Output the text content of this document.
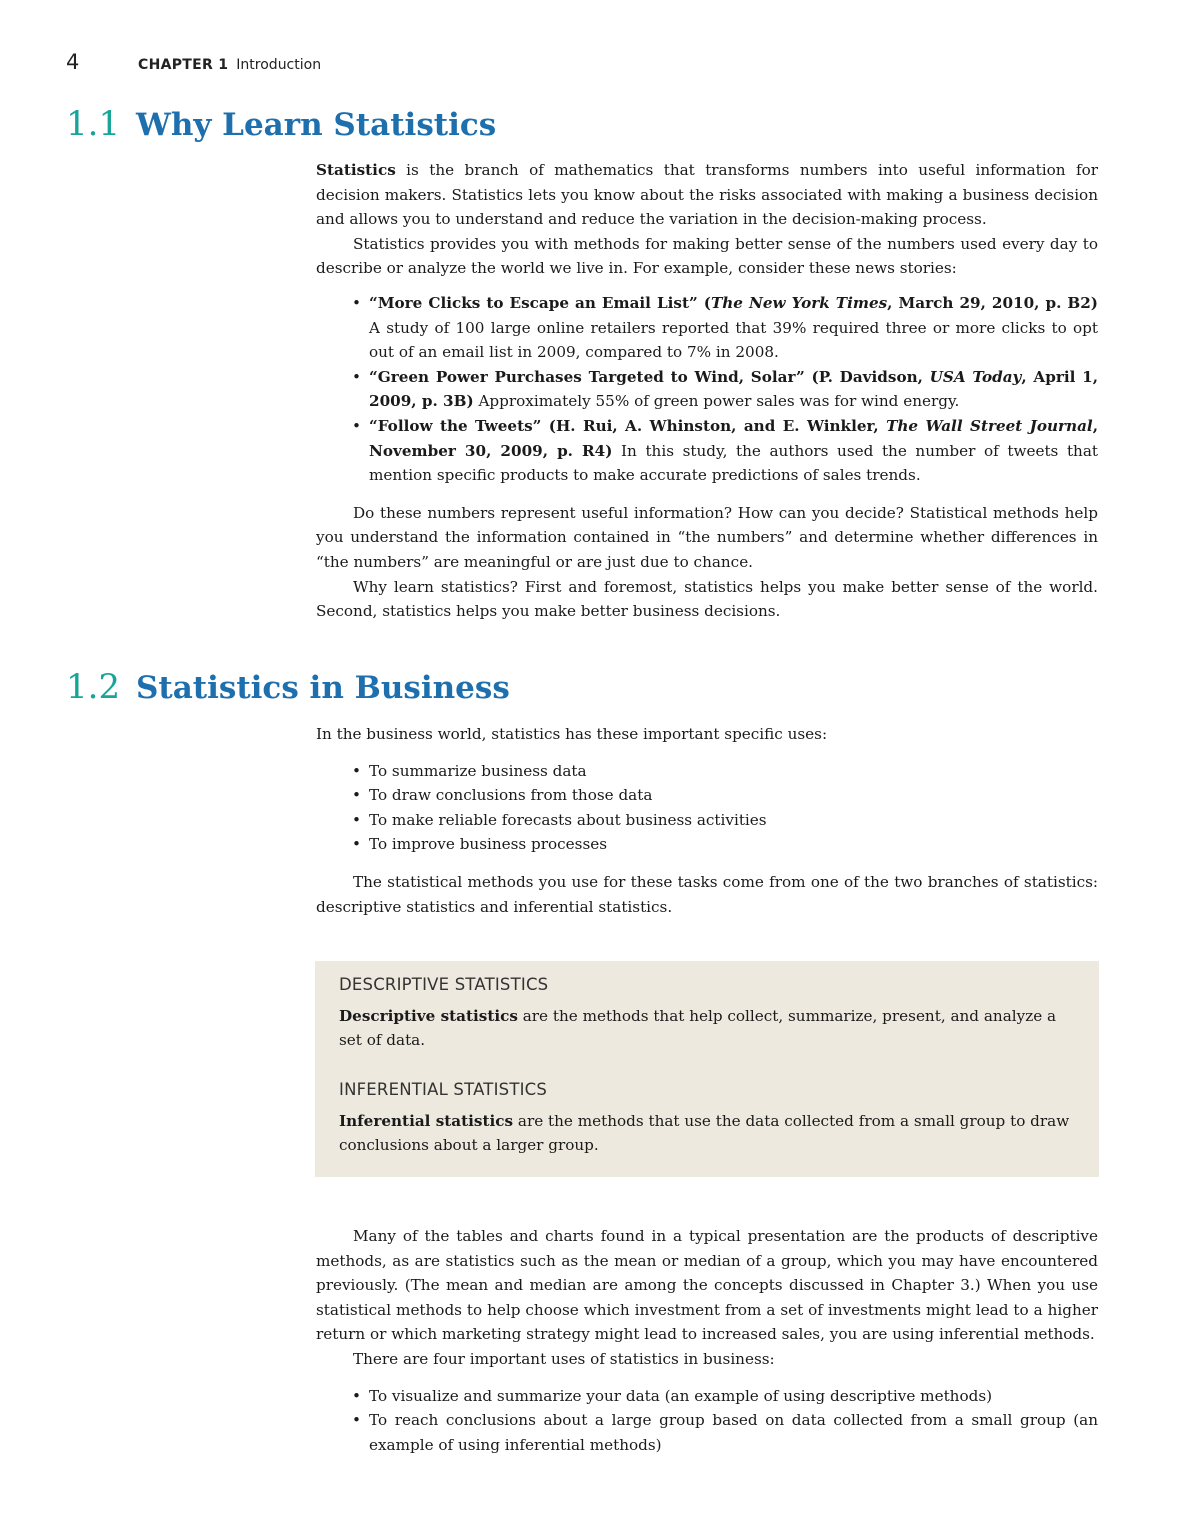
4	CHAPTER 1 Introduction
1.1 Why Learn Statistics

Statistics is the branch of mathematics that transforms numbers into useful information for decision makers. Statistics lets you know about the risks associated with making a business decision and allows you to understand and reduce the variation in the decision-making process.

Statistics provides you with methods for making better sense of the numbers used every day to describe or analyze the world we live in. For example, consider these news stories:

• “More Clicks to Escape an Email List” (The New York Times, March 29, 2010, p. B2) A study of 100 large online retailers reported that 39% required three or more clicks to opt out of an email list in 2009, compared to 7% in 2008.
• “Green Power Purchases Targeted to Wind, Solar” (P. Davidson, USA Today, April 1, 2009, p. 3B) Approximately 55% of green power sales was for wind energy.
• “Follow the Tweets” (H. Rui, A. Whinston, and E. Winkler, The Wall Street Journal, November 30, 2009, p. R4) In this study, the authors used the number of tweets that mention specific products to make accurate predictions of sales trends.

Do these numbers represent useful information? How can you decide? Statistical methods help you understand the information contained in “the numbers” and determine whether differences in “the numbers” are meaningful or are just due to chance.

Why learn statistics? First and foremost, statistics helps you make better sense of the world. Second, statistics helps you make better business decisions.

1.2 Statistics in Business

In the business world, statistics has these important specific uses:

• To summarize business data
• To draw conclusions from those data
• To make reliable forecasts about business activities
• To improve business processes

The statistical methods you use for these tasks come from one of the two branches of statistics: descriptive statistics and inferential statistics.

DESCRIPTIVE STATISTICS

Descriptive statistics are the methods that help collect, summarize, present, and analyze a set of data.

INFERENTIAL STATISTICS

Inferential statistics are the methods that use the data collected from a small group to draw conclusions about a larger group.

Many of the tables and charts found in a typical presentation are the products of descriptive methods, as are statistics such as the mean or median of a group, which you may have encountered previously. (The mean and median are among the concepts discussed in Chapter 3.) When you use statistical methods to help choose which investment from a set of investments might lead to a higher return or which marketing strategy might lead to increased sales, you are using inferential methods.

There are four important uses of statistics in business:

• To visualize and summarize your data (an example of using descriptive methods)
• To reach conclusions about a large group based on data collected from a small group (an example of using inferential methods)
